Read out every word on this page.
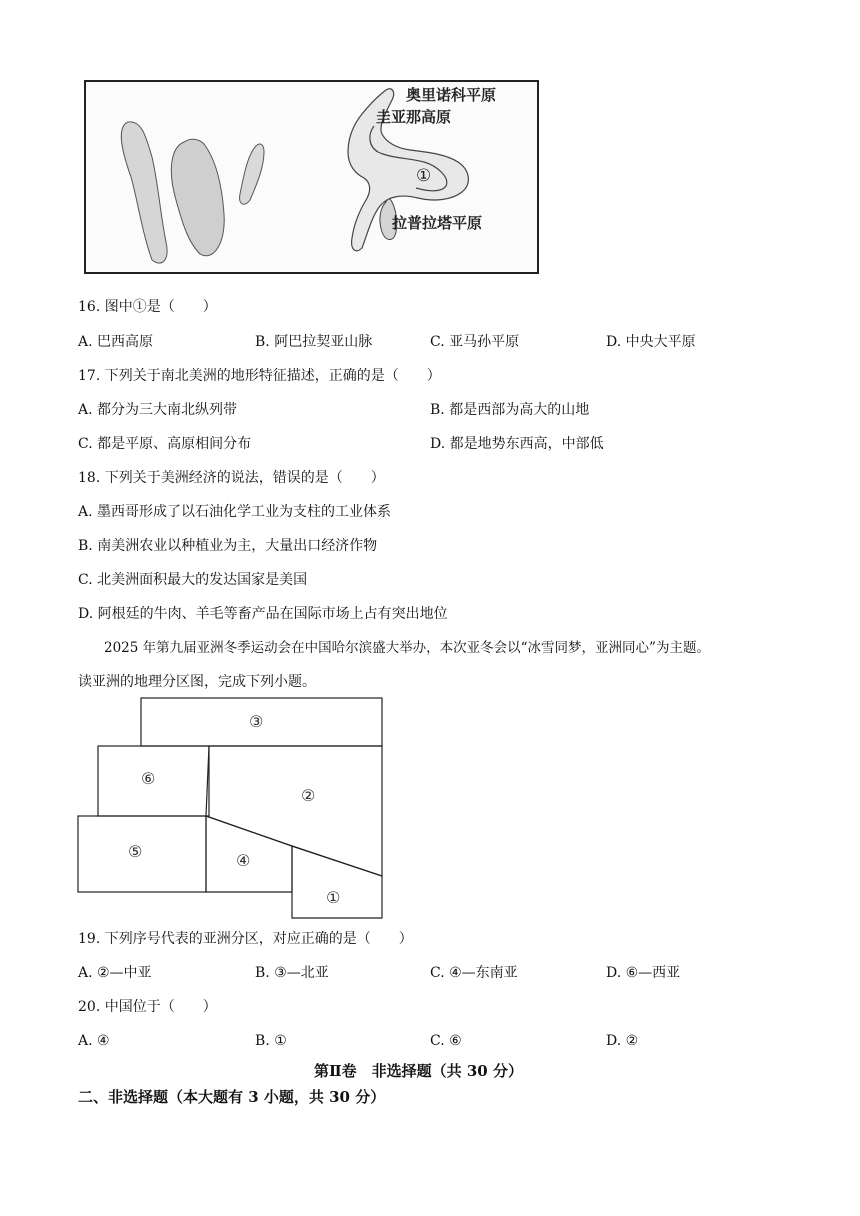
奥里诺科平原
圭亚那高原
①
拉普拉塔平原
16. 图中①是（　　）
A. 巴西高原	B. 阿巴拉契亚山脉	C. 亚马孙平原	D. 中央大平原
17. 下列关于南北美洲的地形特征描述，正确的是（　　）
A. 都分为三大南北纵列带	B. 都是西部为高大的山地
C. 都是平原、高原相间分布	D. 都是地势东西高，中部低
18. 下列关于美洲经济的说法，错误的是（　　）
A. 墨西哥形成了以石油化学工业为支柱的工业体系
B. 南美洲农业以种植业为主，大量出口经济作物
C. 北美洲面积最大的发达国家是美国
D. 阿根廷的牛肉、羊毛等畜产品在国际市场上占有突出地位
2025 年第九届亚洲冬季运动会在中国哈尔滨盛大举办，本次亚冬会以“冰雪同梦，亚洲同心”为主题。
读亚洲的地理分区图，完成下列小题。
③
⑥
②
⑤	④
①
19. 下列序号代表的亚洲分区，对应正确的是（　　）
A. ②—中亚	B. ③—北亚	C. ④—东南亚	D. ⑥—西亚
20. 中国位于（　　）
A. ④	B. ①	C. ⑥	D. ②
第Ⅱ卷　非选择题（共 30 分）
二、非选择题（本大题有 3 小题，共 30 分）
